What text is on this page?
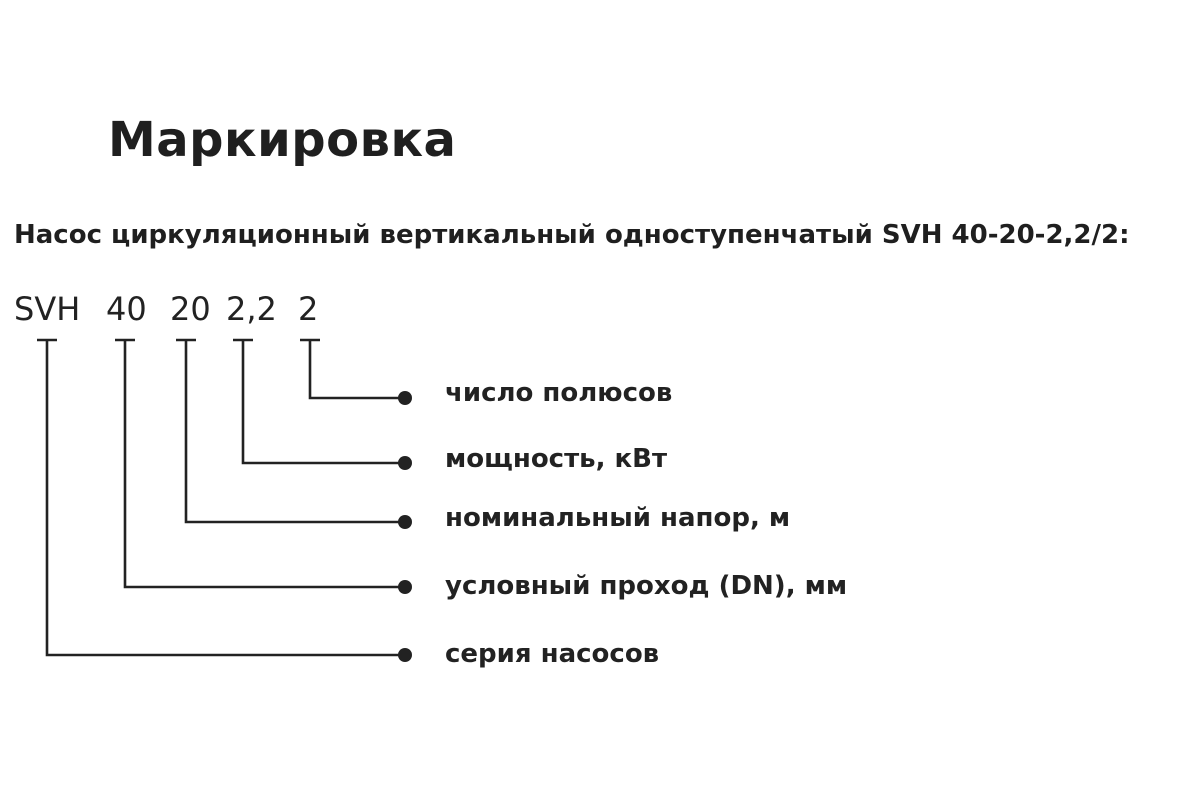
Маркировка
Насос циркуляционный вертикальный одноступенчатый SVH 40-20-2,2/2:
SVH 40 20 2,2 2
число полюсов
мощность, кВт
номинальный напор, м
условный проход (DN), мм
серия насосов
